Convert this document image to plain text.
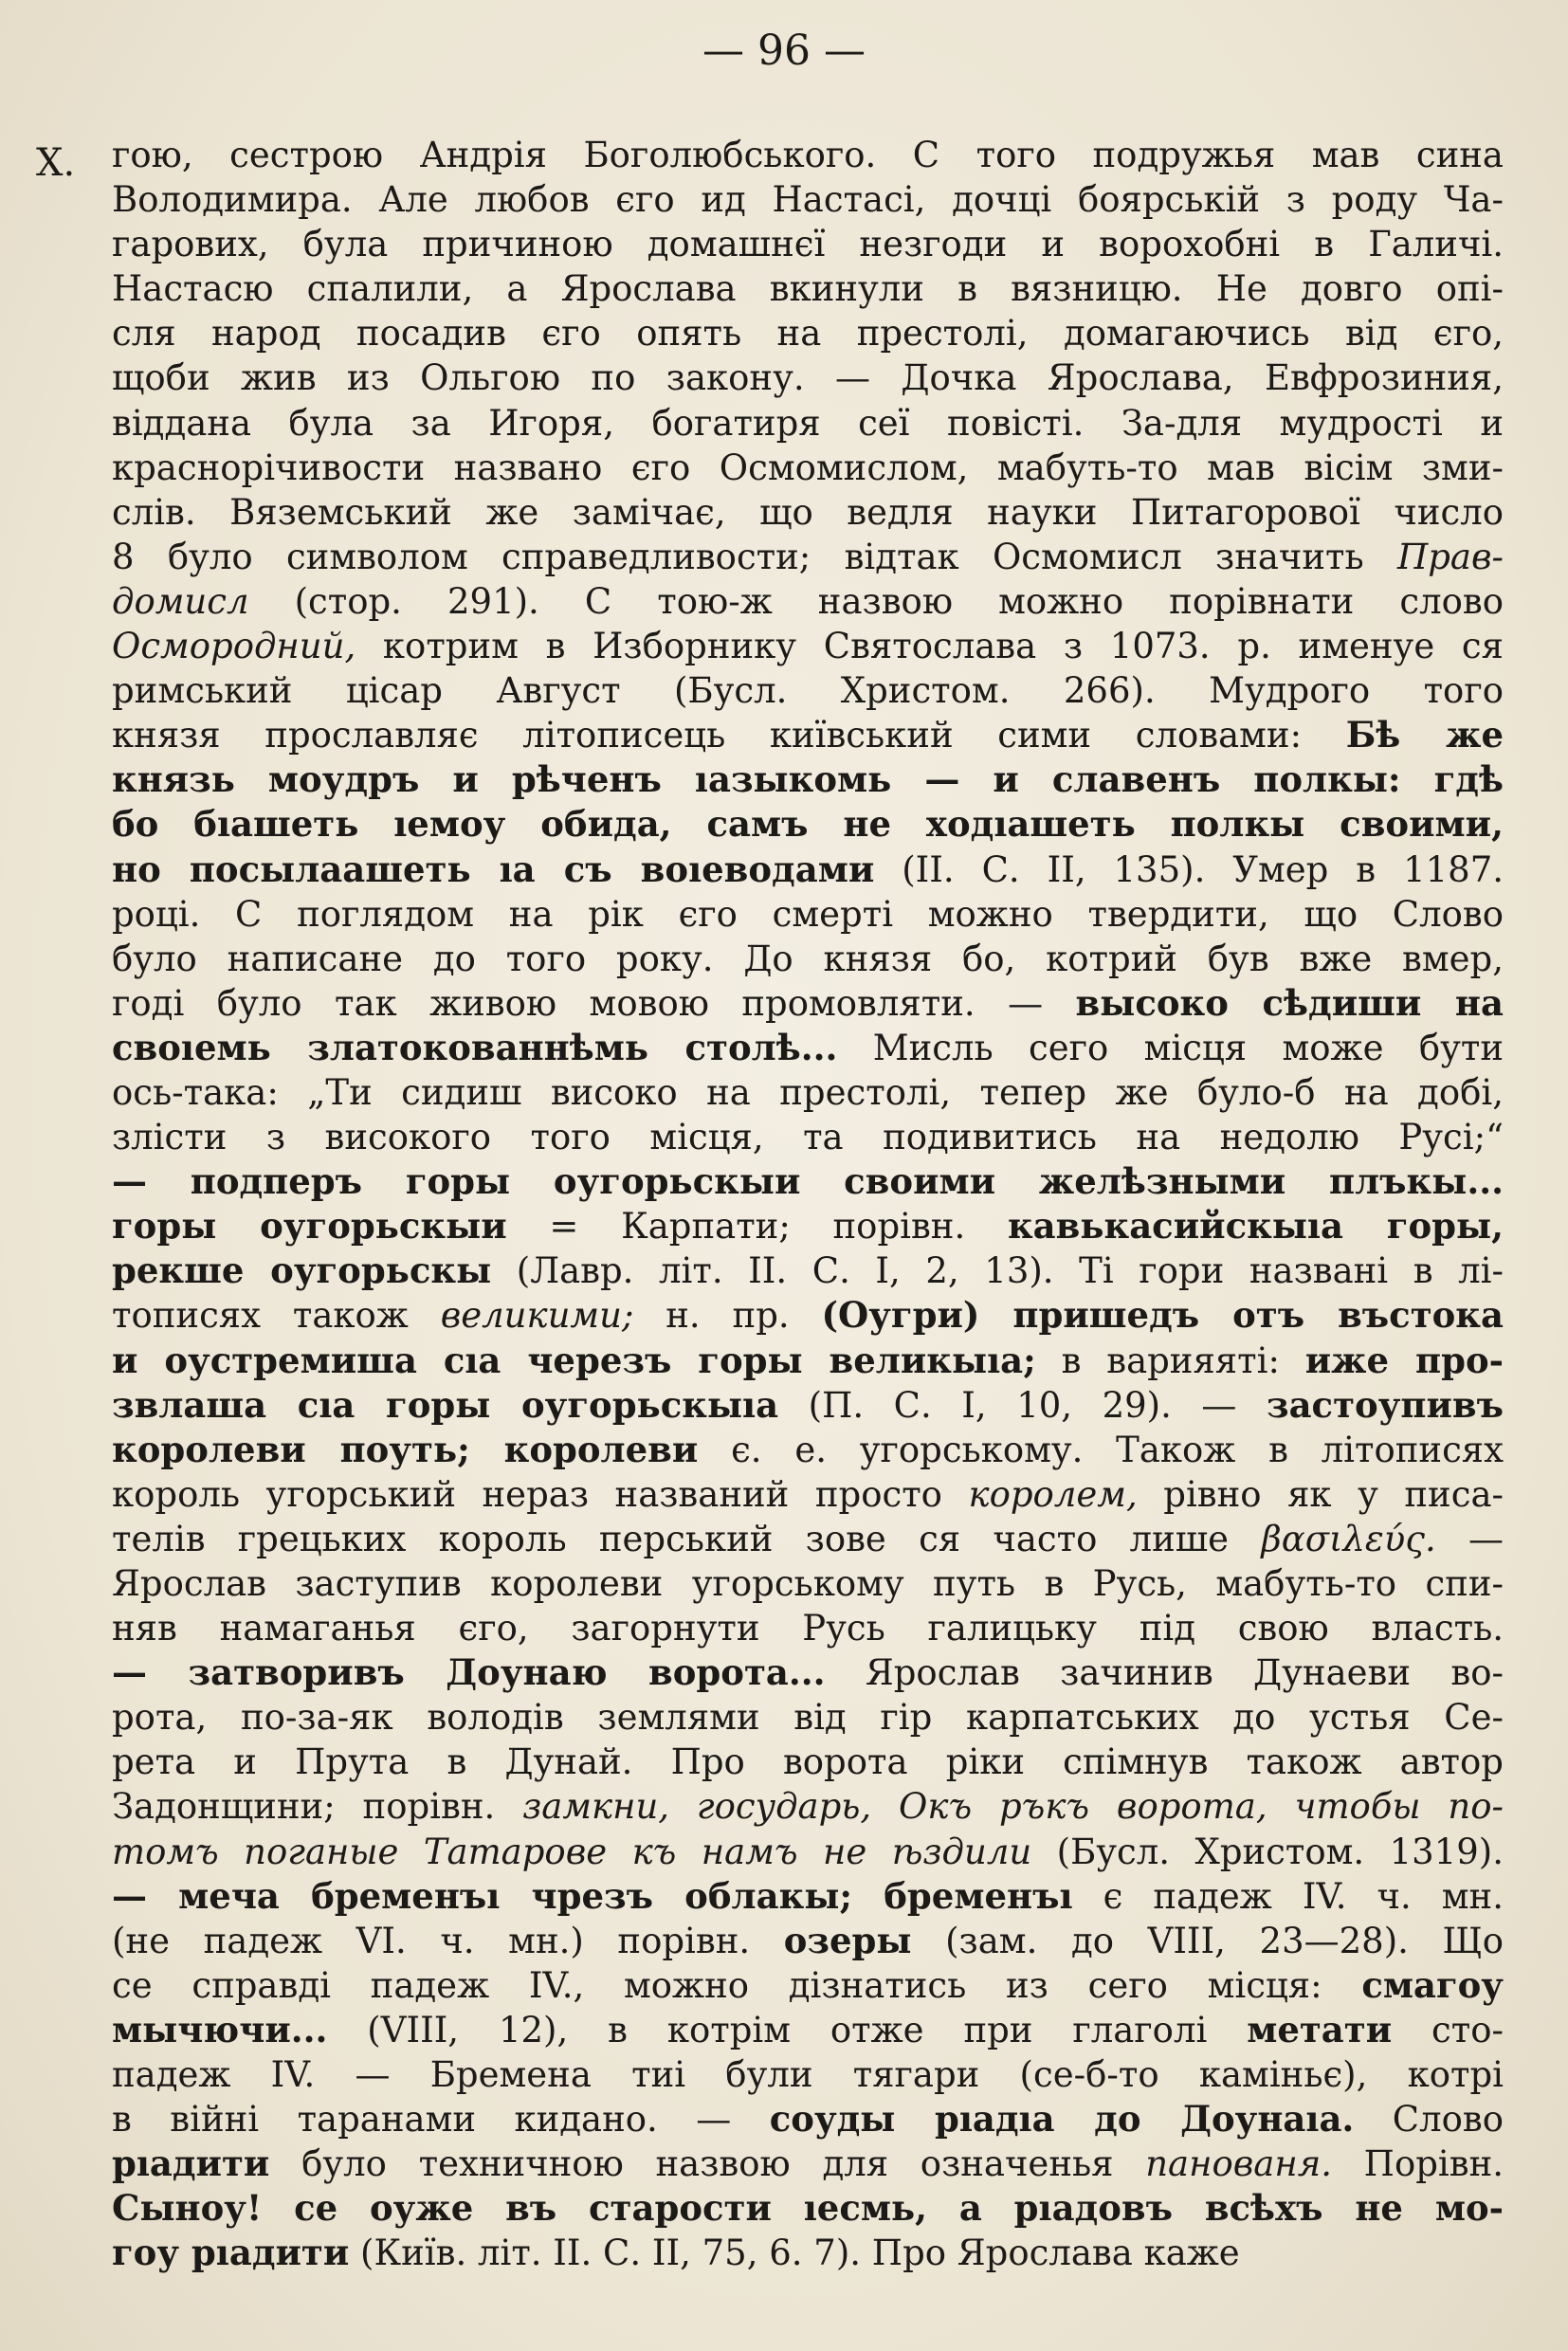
— 96 —
X. гою, сестрою Андрія Боголюбського. С того подружья мав сина
Володимира. Але любов єго ид Настасі, дочці боярській з роду Ча-
гарових, була причиною домашнєї незгоди и ворохобні в Галичі.
Настасю спалили, а Ярослава вкинули в вязницю. Не довго опі-
сля народ посадив єго опять на престолі, домагаючись від єго,
щоби жив из Ольгою по закону. — Дочка Ярослава, Евфрозиния,
віддана була за Игоря, богатиря сеї повісті. За-для мудрості и
краснорічивости названо єго Осмомислом, мабуть-то мав вісім зми-
слів. Вяземський же замічає, що ведля науки Питагорової число
8 було символом справедливости; відтак Осмомисл значить Прав-
домисл (стор. 291). С тою-ж назвою можно порівнати слово
Осмородний, котрим в Изборнику Святослава з 1073. р. именуе ся
римський цісар Август (Бусл. Христом. 266). Мудрого того
князя прославляє літописець київський сими словами: Бѣ же
князь моудръ и рѣченъ ıазыкомь — и славенъ полкы: гдѣ
бо бıашеть ıемоу обида, самъ не ходıашеть полкы своими,
но посылаашеть ıа съ воıеводами (II. С. II, 135). Умер в 1187.
році. С поглядом на рік єго смерті можно твердити, що Слово
було написане до того року. До князя бо, котрий був вже вмер,
годі було так живою мовою промовляти. — высоко сѣдиши на
своıемь златокованнѣмь столѣ... Мисль сего місця може бути
ось-така: „Ти сидиш високо на престолі, тепер же було-б на добі,
злісти з високого того місця, та подивитись на недолю Русі;“
— подперъ горы оугорьскыи своими желѣзными плъкы...
горы оугорьскыи = Карпати; порівн. кавькасийскыıа горы,
рекше оугорьскы (Лавр. літ. II. С. I, 2, 13). Ті гори названі в лі-
тописях також великими; н. пр. (Оугри) пришедъ отъ въстока
и оустремиша сıа черезъ горы великыıа; в варияяті: иже про-
звлаша сıа горы оугорьскыıа (П. С. I, 10, 29). — застоупивъ
королеви поуть; королеви є. е. угорському. Також в літописях
король угорський нераз названий просто королем, рівно як у писа-
телів грецьких король перський зове ся часто лише βασιλεύς. —
Ярослав заступив королеви угорському путь в Русь, мабуть-то спи-
няв намаганья єго, загорнути Русь галицьку під свою власть.
— затворивъ Доунаю ворота... Ярослав зачинив Дунаеви во-
рота, по-за-як володів землями від гір карпатських до устья Се-
рета и Прута в Дунай. Про ворота ріки спімнув також автор
Задонщини; порівн. замкни, государь, Окъ ръкъ ворота, чтобы по-
томъ поганые Татарове къ намъ не ѣздили (Бусл. Христом. 1319).
— меча бременъı чрезъ облакы; бременъı є падеж IV. ч. мн.
(не падеж VI. ч. мн.) порівн. озеры (зам. до VIII, 23—28). Що
се справді падеж IV., можно дізнатись из сего місця: смагоу
мычючи... (VIII, 12), в котрім отже при глаголі метати сто-
падеж IV. — Бремена тиі були тягари (се-б-то каміньє), котрі
в війні таранами кидано. — соуды рıадıа до Доунаıа. Слово
рıадити було техничною назвою для означенья панованя. Порівн.
Сыноу! се оуже въ старости ıесмь, а рıадовъ всѣхъ не мо-
гоу рıадити (Київ. літ. II. С. II, 75, 6. 7). Про Ярослава каже
